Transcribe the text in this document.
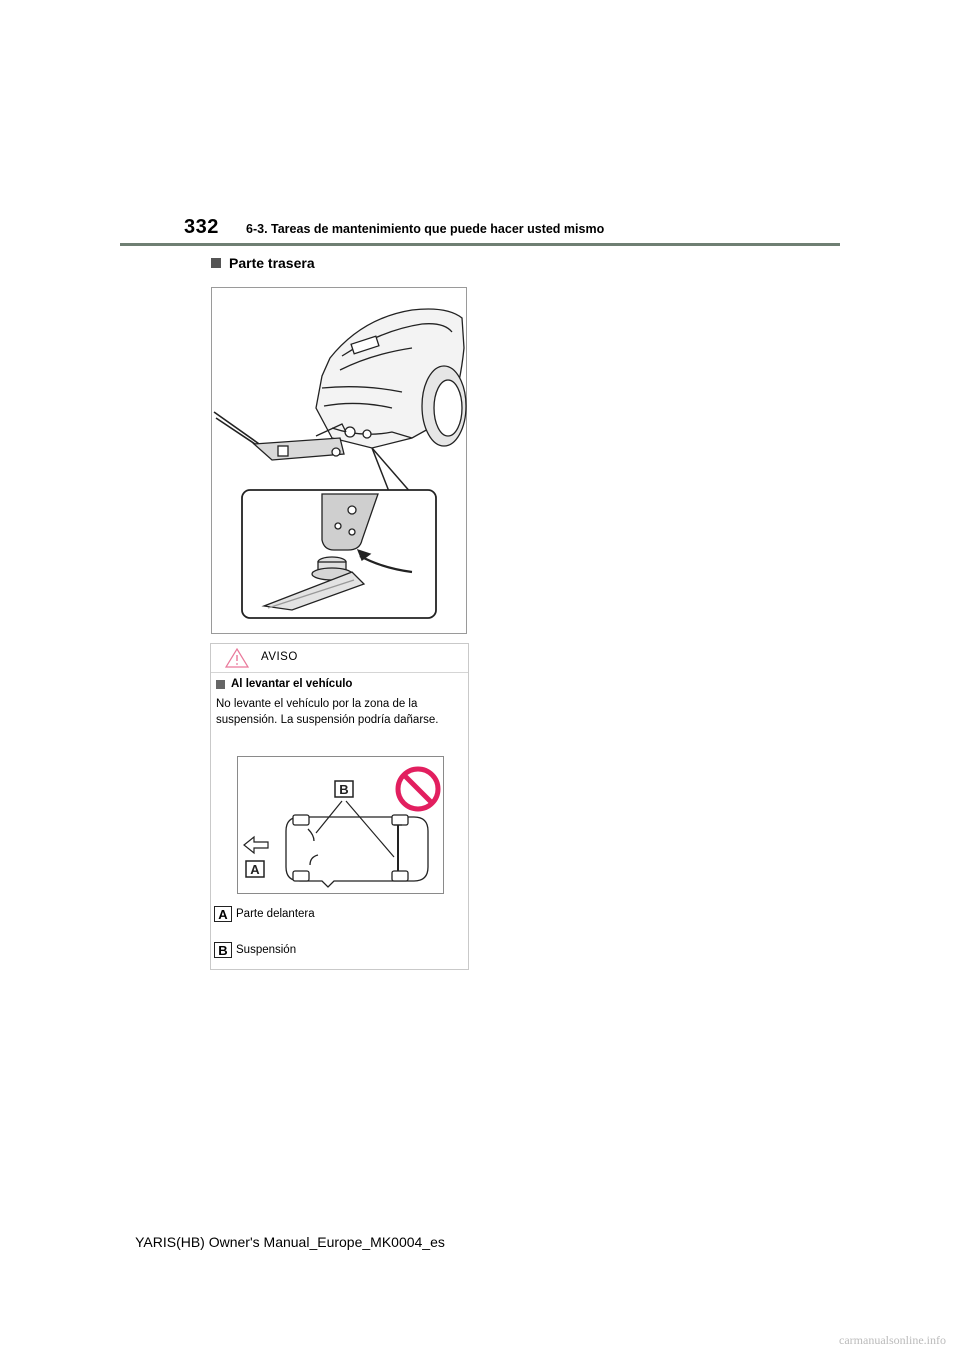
332 6-3. Tareas de mantenimiento que puede hacer usted mismo
Parte trasera
AVISO
Al levantar el vehículo
No levante el vehículo por la zona de la suspensión. La suspensión podría dañarse.
B
A
A Parte delantera
B Suspensión
YARIS(HB) Owner's Manual_Europe_MK0004_es
carmanualsonline.info
